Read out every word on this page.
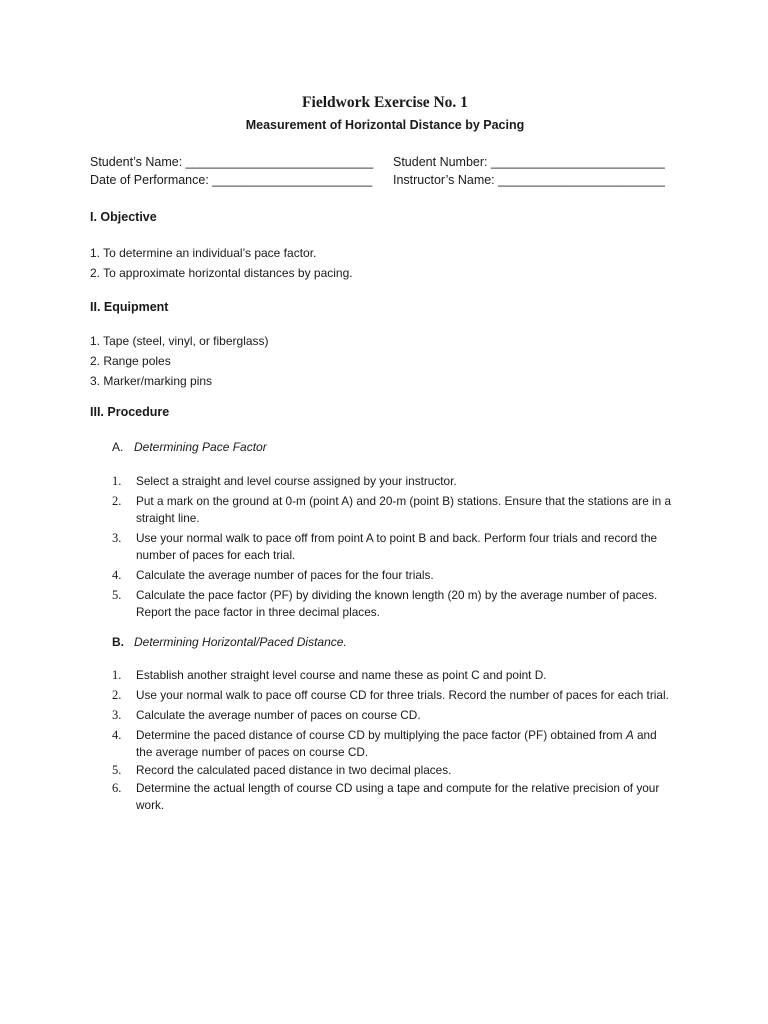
Fieldwork Exercise No. 1
Measurement of Horizontal Distance by Pacing
Student’s Name: ___________________________	Student Number: _________________________
Date of Performance: _______________________	Instructor’s Name: ________________________
I. Objective
1. To determine an individual’s pace factor.
2. To approximate horizontal distances by pacing.
II. Equipment
1. Tape (steel, vinyl, or fiberglass)
2. Range poles
3. Marker/marking pins
III. Procedure
A. Determining Pace Factor
1.	Select a straight and level course assigned by your instructor.
2.	Put a mark on the ground at 0-m (point A) and 20-m (point B) stations. Ensure that the stations are in a straight line.
3.	Use your normal walk to pace off from point A to point B and back. Perform four trials and record the number of paces for each trial.
4.	Calculate the average number of paces for the four trials.
5.	Calculate the pace factor (PF) by dividing the known length (20 m) by the average number of paces. Report the pace factor in three decimal places.
B. Determining Horizontal/Paced Distance.
1.	Establish another straight level course and name these as point C and point D.
2.	Use your normal walk to pace off course CD for three trials. Record the number of paces for each trial.
3.	Calculate the average number of paces on course CD.
4.	Determine the paced distance of course CD by multiplying the pace factor (PF) obtained from A and the average number of paces on course CD.
5.	Record the calculated paced distance in two decimal places.
6.	Determine the actual length of course CD using a tape and compute for the relative precision of your work.
